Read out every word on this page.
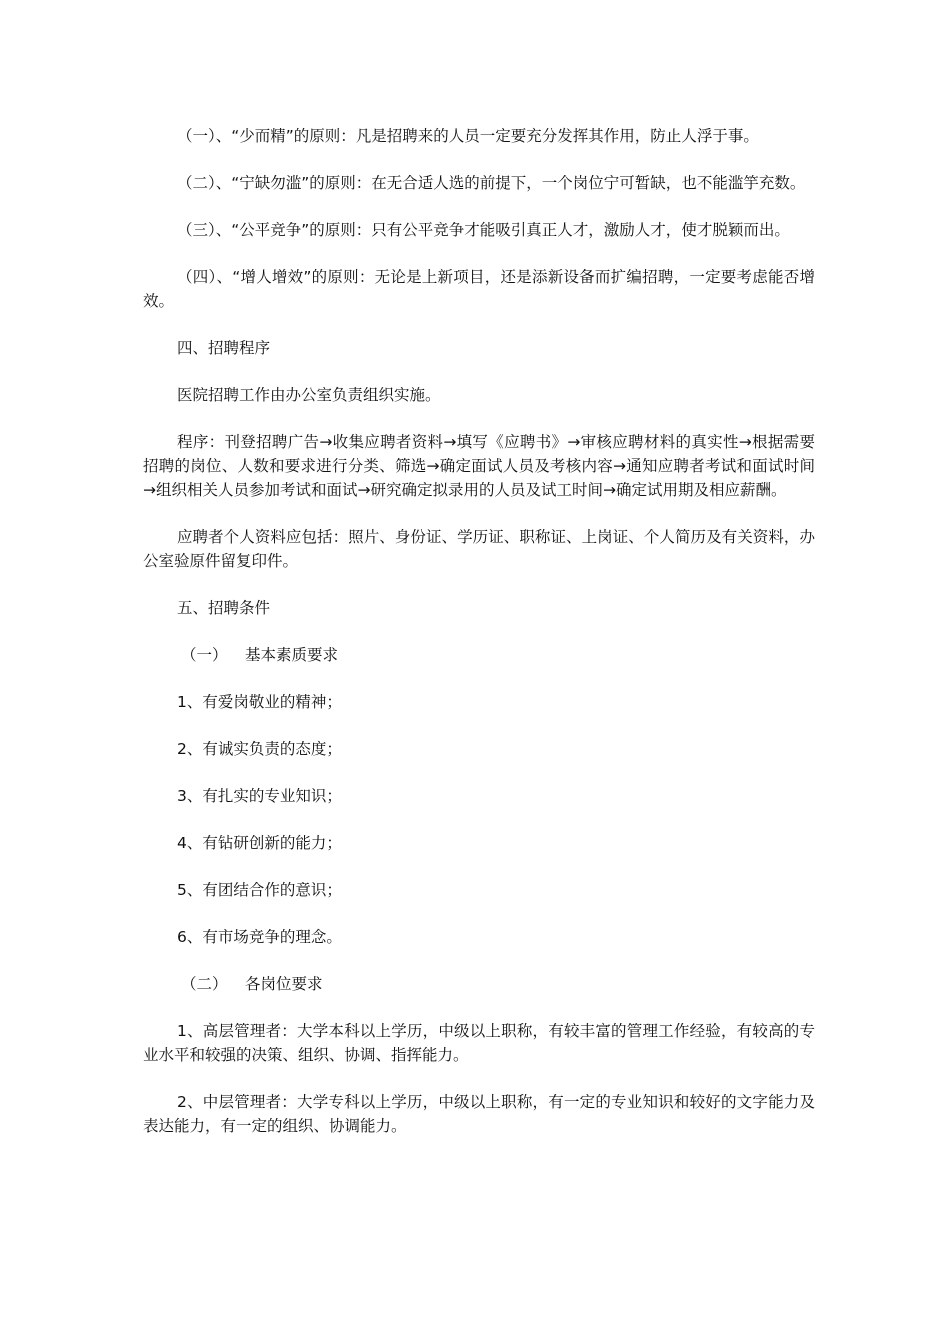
（一）、“少而精”的原则：凡是招聘来的人员一定要充分发挥其作用，防止人浮于事。

（二）、“宁缺勿滥”的原则：在无合适人选的前提下，一个岗位宁可暂缺，也不能滥竽充数。

（三）、“公平竞争”的原则：只有公平竞争才能吸引真正人才，激励人才，使才脱颖而出。

（四）、“增人增效”的原则：无论是上新项目，还是添新设备而扩编招聘，一定要考虑能否增效。

四、招聘程序

医院招聘工作由办公室负责组织实施。

程序：刊登招聘广告→收集应聘者资料→填写《应聘书》→审核应聘材料的真实性→根据需要招聘的岗位、人数和要求进行分类、筛选→确定面试人员及考核内容→通知应聘者考试和面试时间→组织相关人员参加考试和面试→研究确定拟录用的人员及试工时间→确定试用期及相应薪酬。

应聘者个人资料应包括：照片、身份证、学历证、职称证、上岗证、个人简历及有关资料，办公室验原件留复印件。

五、招聘条件

（一） 基本素质要求

1、有爱岗敬业的精神；

2、有诚实负责的态度；

3、有扎实的专业知识；

4、有钻研创新的能力；

5、有团结合作的意识；

6、有市场竞争的理念。

（二） 各岗位要求

1、高层管理者：大学本科以上学历，中级以上职称，有较丰富的管理工作经验，有较高的专业水平和较强的决策、组织、协调、指挥能力。

2、中层管理者：大学专科以上学历，中级以上职称，有一定的专业知识和较好的文字能力及表达能力，有一定的组织、协调能力。
